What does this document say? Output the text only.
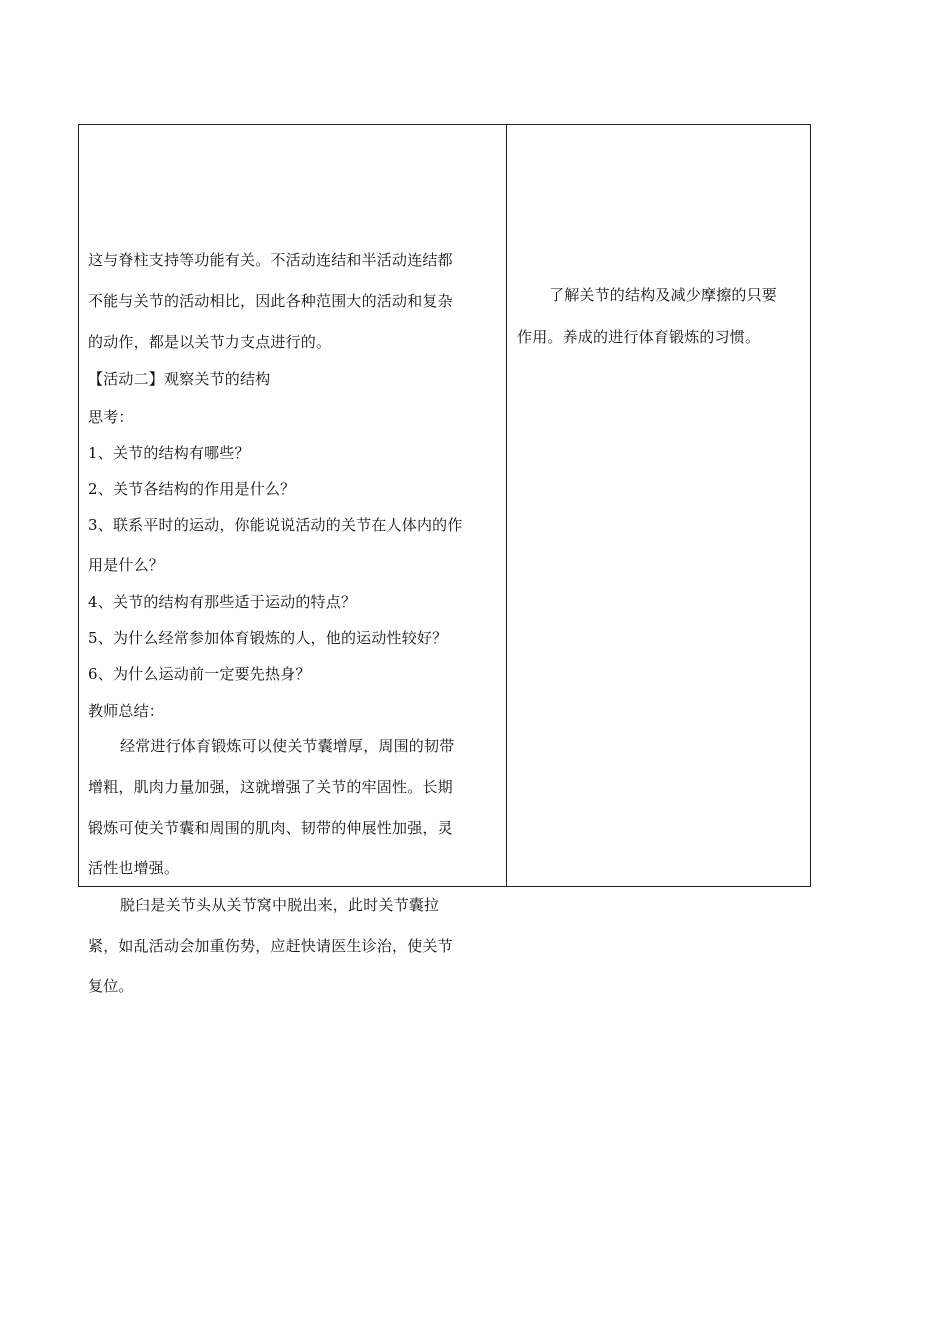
这与脊柱支持等功能有关。不活动连结和半活动连结都
不能与关节的活动相比，因此各种范围大的活动和复杂
的动作，都是以关节力支点进行的。
【活动二】观察关节的结构
思考：
1、关节的结构有哪些？
2、关节各结构的作用是什么？
3、联系平时的运动，你能说说活动的关节在人体内的作
用是什么？
4、关节的结构有那些适于运动的特点？
5、为什么经常参加体育锻炼的人，他的运动性较好？
6、为什么运动前一定要先热身？
教师总结：
经常进行体育锻炼可以使关节囊增厚，周围的韧带
增粗，肌肉力量加强，这就增强了关节的牢固性。长期
锻炼可使关节囊和周围的肌肉、韧带的伸展性加强，灵
活性也增强。
脱臼是关节头从关节窝中脱出来，此时关节囊拉
紧，如乱活动会加重伤势，应赶快请医生诊治，使关节
复位。
了解关节的结构及减少摩擦的只要
作用。养成的进行体育锻炼的习惯。
